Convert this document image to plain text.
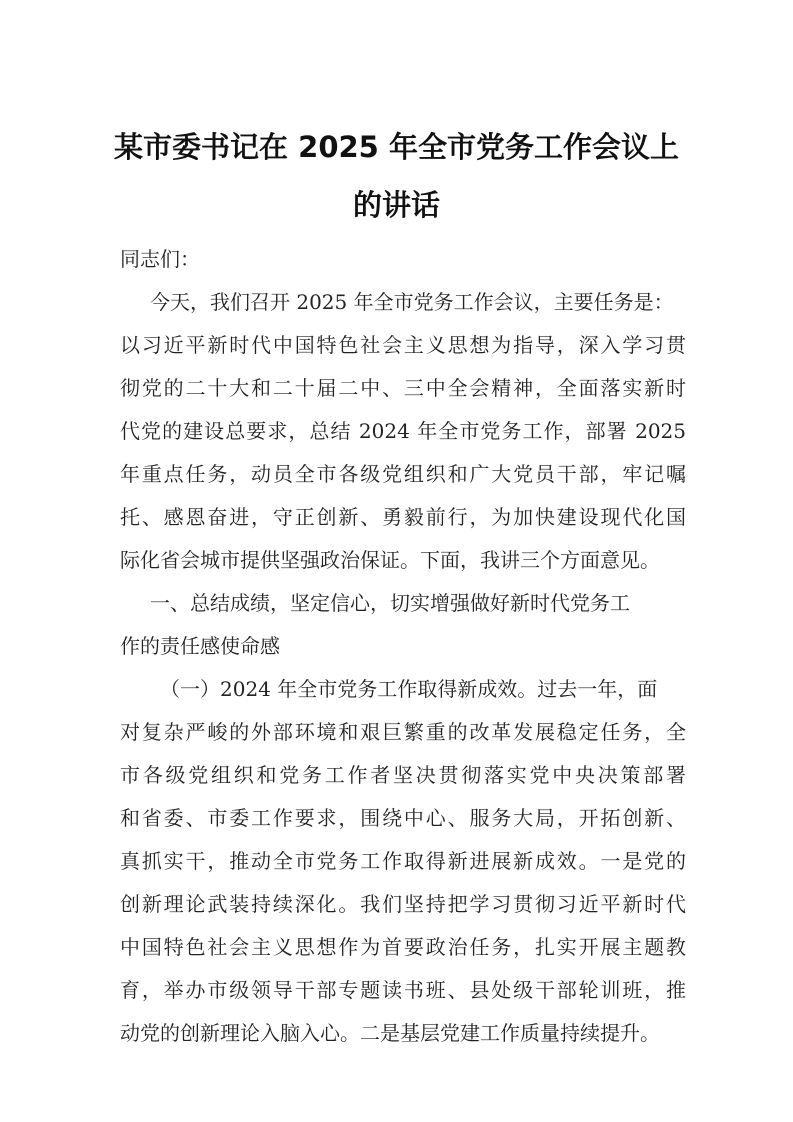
某市委书记在 2025 年全市党务工作会议上
的讲话
同志们：
今天，我们召开 2025 年全市党务工作会议，主要任务是：
以习近平新时代中国特色社会主义思想为指导，深入学习贯
彻党的二十大和二十届二中、三中全会精神，全面落实新时
代党的建设总要求，总结 2024 年全市党务工作，部署 2025
年重点任务，动员全市各级党组织和广大党员干部，牢记嘱
托、感恩奋进，守正创新、勇毅前行，为加快建设现代化国
际化省会城市提供坚强政治保证。下面，我讲三个方面意见。
一、总结成绩，坚定信心，切实增强做好新时代党务工
作的责任感使命感
（一）2024 年全市党务工作取得新成效。过去一年，面
对复杂严峻的外部环境和艰巨繁重的改革发展稳定任务，全
市各级党组织和党务工作者坚决贯彻落实党中央决策部署
和省委、市委工作要求，围绕中心、服务大局，开拓创新、
真抓实干，推动全市党务工作取得新进展新成效。一是党的
创新理论武装持续深化。我们坚持把学习贯彻习近平新时代
中国特色社会主义思想作为首要政治任务，扎实开展主题教
育，举办市级领导干部专题读书班、县处级干部轮训班，推
动党的创新理论入脑入心。二是基层党建工作质量持续提升。
